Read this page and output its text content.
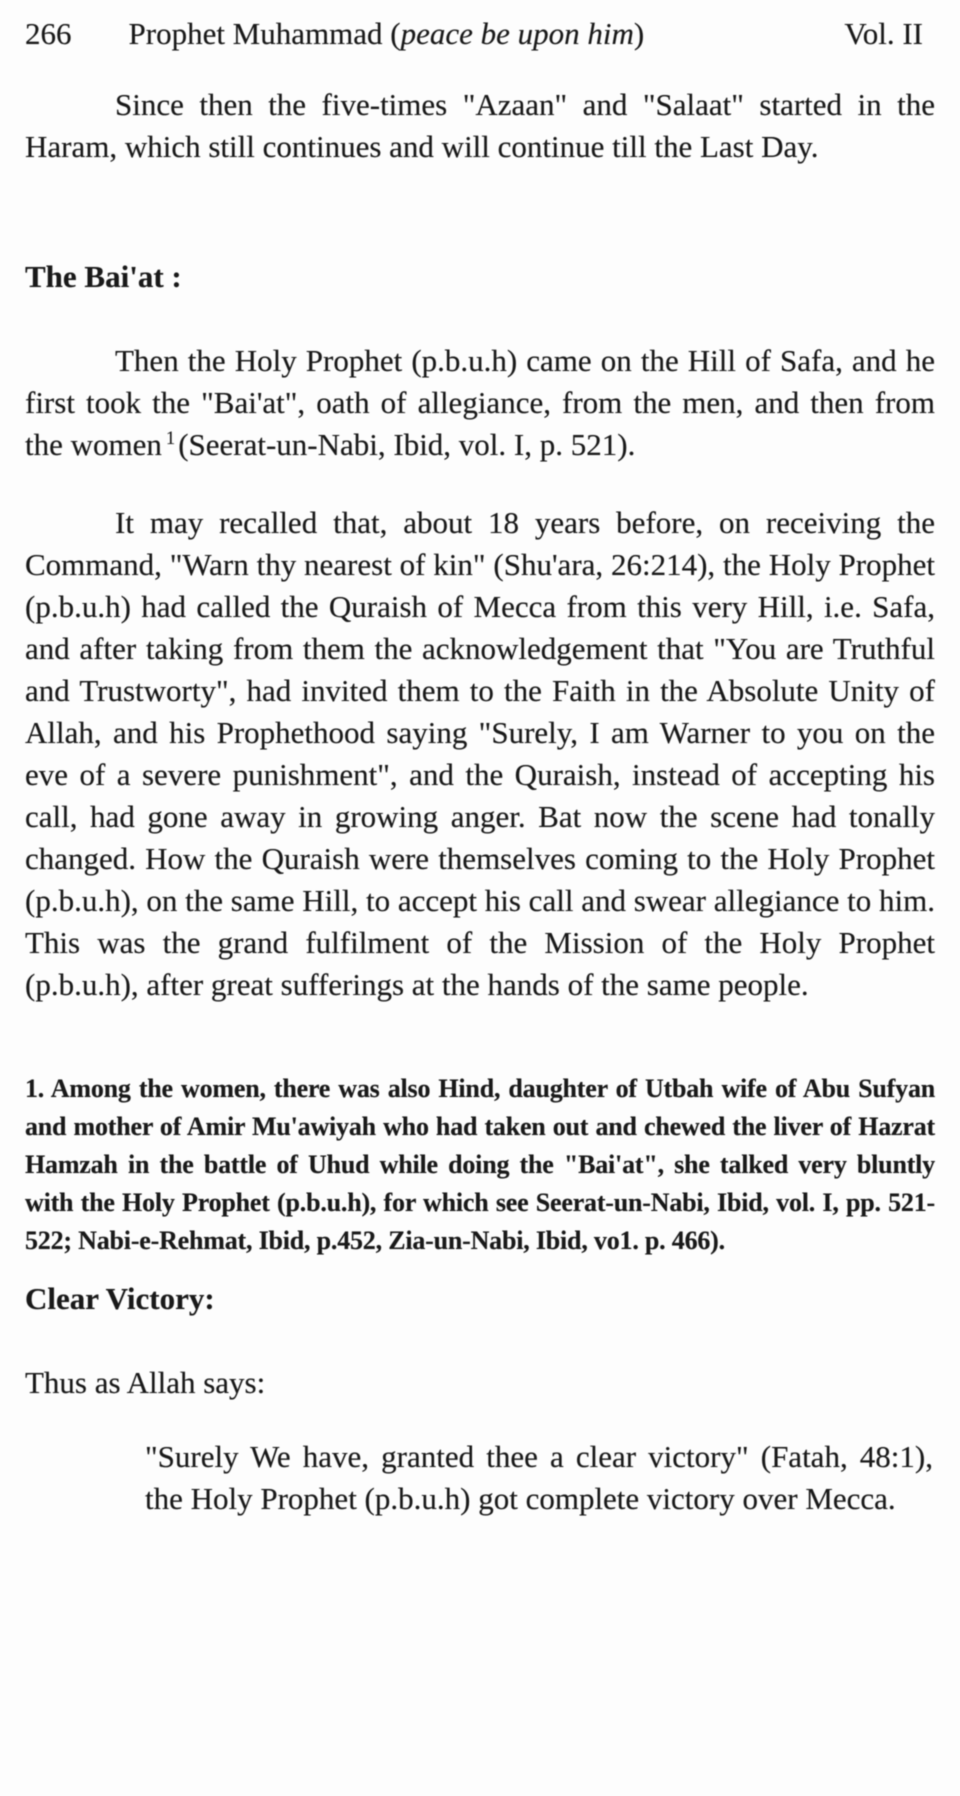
266 Prophet Muhammad (peace be upon him)	Vol. II
Since then the five-times "Azaan" and "Salaat" started in the Haram, which still continues and will continue till the Last Day.
The Bai'at :
Then the Holy Prophet (p.b.u.h) came on the Hill of Safa, and he first took the "Bai'at", oath of allegiance, from the men, and then from the women $^1$(Seerat-un-Nabi, Ibid, vol. I, p. 521).
It may recalled that, about 18 years before, on receiving the Command, "Warn thy nearest of kin" (Shu'ara, 26:214), the Holy Prophet (p.b.u.h) had called the Quraish of Mecca from this very Hill, i.e. Safa, and after taking from them the acknowledgement that "You are Truthful and Trustworty", had invited them to the Faith in the Absolute Unity of Allah, and his Prophethood saying "Surely, I am Warner to you on the eve of a severe punishment", and the Quraish, instead of accepting his call, had gone away in growing anger. Bat now the scene had tonally changed. How the Quraish were themselves coming to the Holy Prophet (p.b.u.h), on the same Hill, to accept his call and swear allegiance to him. This was the grand fulfilment of the Mission of the Holy Prophet (p.b.u.h), after great sufferings at the hands of the same people.
1. Among the women, there was also Hind, daughter of Utbah wife of Abu Sufyan and mother of Amir Mu'awiyah who had taken out and chewed the liver of Hazrat Hamzah in the battle of Uhud while doing the "Bai'at", she talked very bluntly with the Holy Prophet (p.b.u.h), for which see Seerat-un-Nabi, Ibid, vol. I, pp. 521-522; Nabi-e-Rehmat, Ibid, p.452, Zia-un-Nabi, Ibid, vo1. p. 466).
Clear Victory:
Thus as Allah says:
"Surely We have, granted thee a clear victory" (Fatah, 48:1), the Holy Prophet (p.b.u.h) got complete victory over Mecca.
